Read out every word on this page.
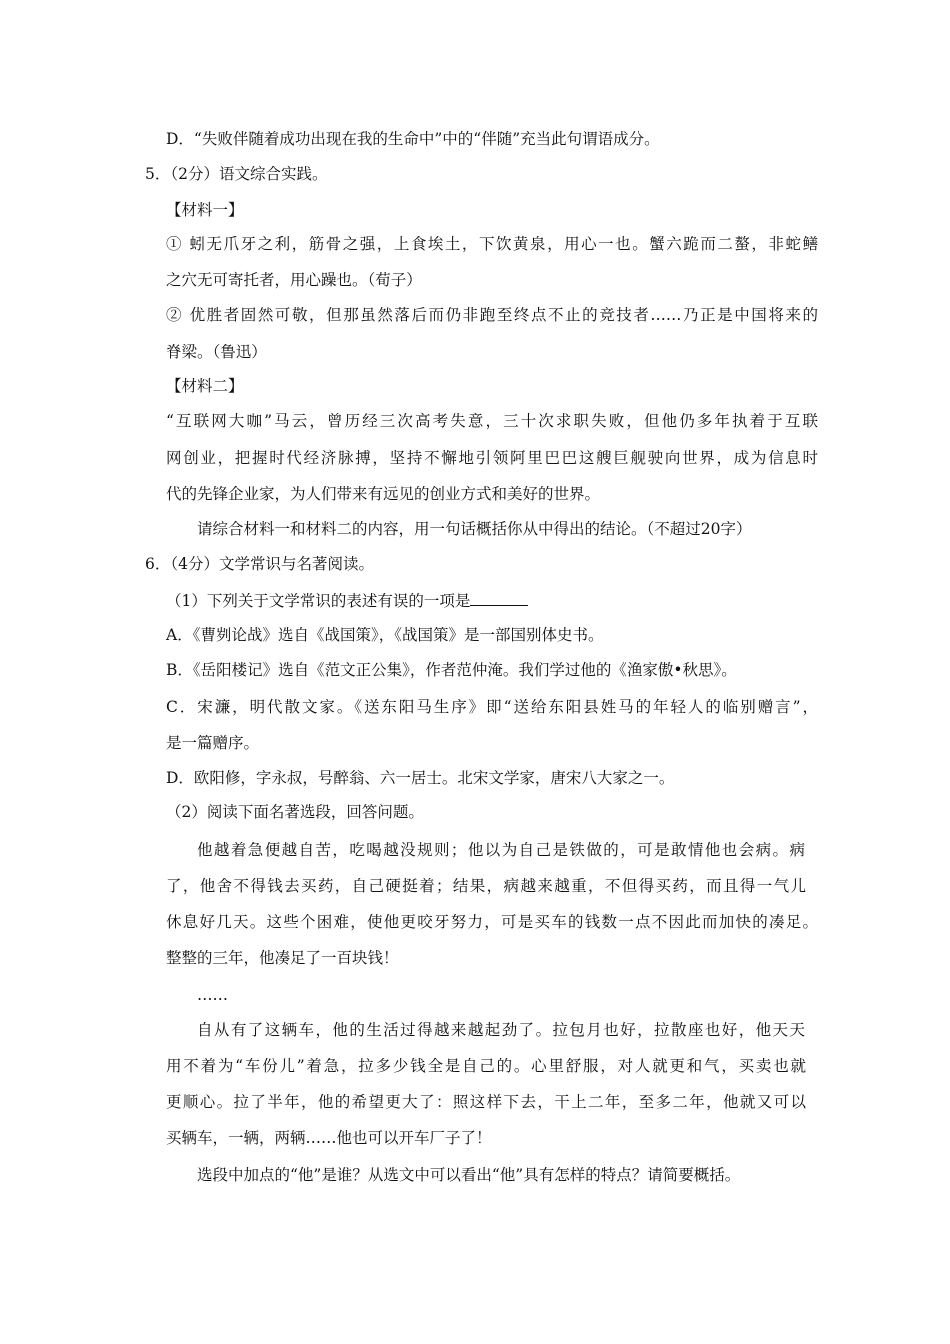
D．“失败伴随着成功出现在我的生命中”中的“伴随”充当此句谓语成分。
5．（2分）语文综合实践。
【材料一】
① 蚓无爪牙之利，筋骨之强，上食埃土，下饮黄泉，用心一也。蟹六跪而二螯，非蛇鳝
之穴无可寄托者，用心躁也。（荀子）
② 优胜者固然可敬，但那虽然落后而仍非跑至终点不止的竞技者……乃正是中国将来的
脊梁。（鲁迅）
【材料二】
“互联网大咖”马云，曾历经三次高考失意，三十次求职失败，但他仍多年执着于互联
网创业，把握时代经济脉搏，坚持不懈地引领阿里巴巴这艘巨舰驶向世界，成为信息时
代的先锋企业家，为人们带来有远见的创业方式和美好的世界。
请综合材料一和材料二的内容，用一句话概括你从中得出的结论。（不超过20字）
6．（4分）文学常识与名著阅读。
（1）下列关于文学常识的表述有误的一项是
A．《曹刿论战》选自《战国策》，《战国策》是一部国别体史书。
B．《岳阳楼记》选自《范文正公集》，作者范仲淹。我们学过他的《渔家傲•秋思》。
C．宋濂，明代散文家。《送东阳马生序》即“送给东阳县姓马的年轻人的临别赠言”，
是一篇赠序。
D．欧阳修，字永叔，号醉翁、六一居士。北宋文学家，唐宋八大家之一。
（2）阅读下面名著选段，回答问题。
他越着急便越自苦，吃喝越没规则；他以为自己是铁做的，可是敢情他也会病。病
了，他舍不得钱去买药，自己硬挺着；结果，病越来越重，不但得买药，而且得一气儿
休息好几天。这些个困难，使他更咬牙努力，可是买车的钱数一点不因此而加快的凑足。
整整的三年，他凑足了一百块钱！
……
自从有了这辆车，他的生活过得越来越起劲了。拉包月也好，拉散座也好，他天天
用不着为“车份儿”着急，拉多少钱全是自己的。心里舒服，对人就更和气，买卖也就
更顺心。拉了半年，他的希望更大了：照这样下去，干上二年，至多二年，他就又可以
买辆车，一辆，两辆……他也可以开车厂子了！
选段中加点的“他”是谁？从选文中可以看出“他”具有怎样的特点？请简要概括。
